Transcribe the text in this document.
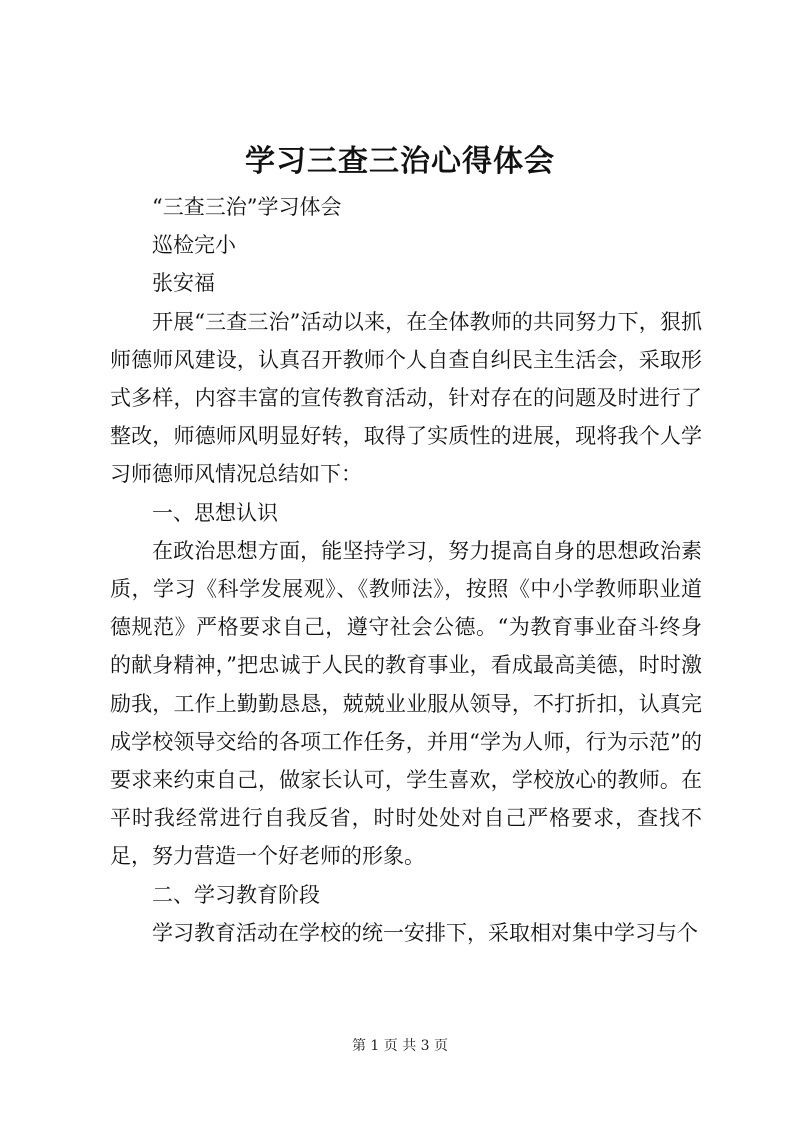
学习三查三治心得体会

“三查三治”学习体会

巡检完小

张安福

开展“三查三治”活动以来，在全体教师的共同努力下，狠抓师德师风建设，认真召开教师个人自查自纠民主生活会，采取形式多样，内容丰富的宣传教育活动，针对存在的问题及时进行了整改，师德师风明显好转，取得了实质性的进展，现将我个人学习师德师风情况总结如下：

一、思想认识

在政治思想方面，能坚持学习，努力提高自身的思想政治素质，学习《科学发展观》、《教师法》，按照《中小学教师职业道德规范》严格要求自己，遵守社会公德。“为教育事业奋斗终身的献身精神，”把忠诚于人民的教育事业，看成最高美德，时时激励我，工作上勤勤恳恳，兢兢业业服从领导，不打折扣，认真完成学校领导交给的各项工作任务，并用“学为人师，行为示范”的要求来约束自己，做家长认可，学生喜欢，学校放心的教师。在平时我经常进行自我反省，时时处处对自己严格要求，查找不足，努力营造一个好老师的形象。

二、学习教育阶段

学习教育活动在学校的统一安排下，采取相对集中学习与个

第 1 页 共 3 页
